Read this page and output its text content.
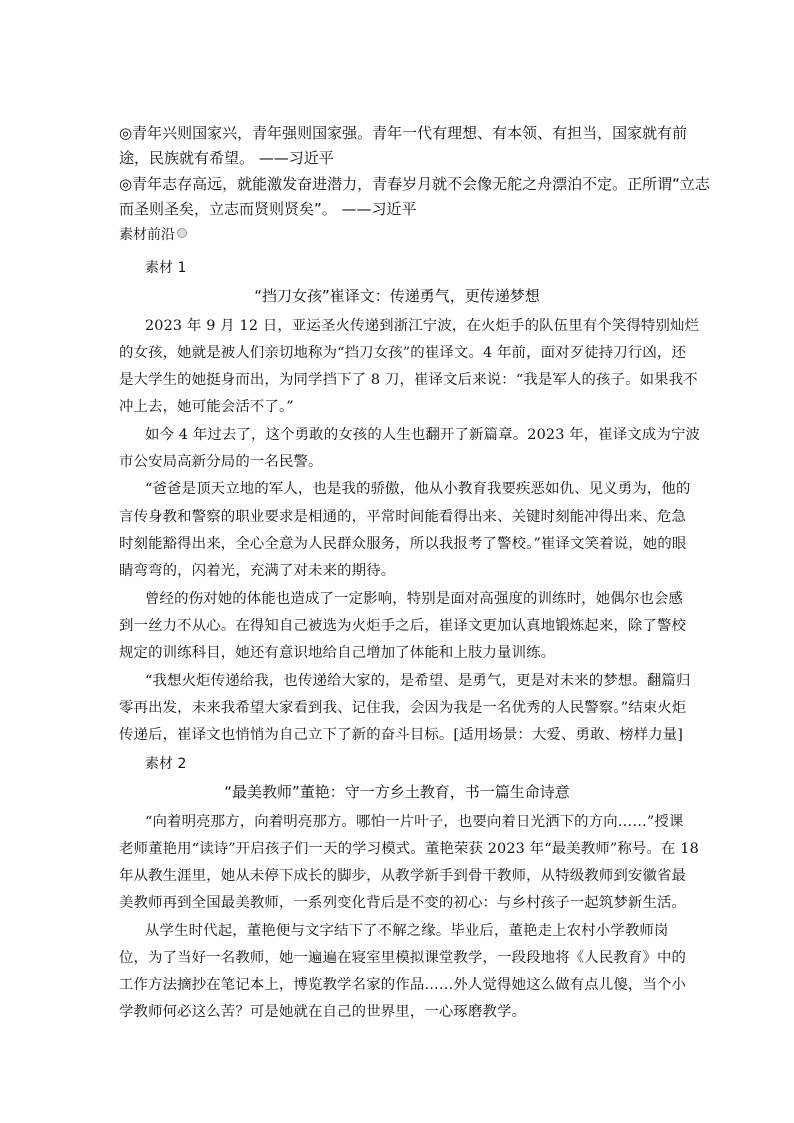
◎青年兴则国家兴，青年强则国家强。青年一代有理想、有本领、有担当，国家就有前
途，民族就有希望。 ——习近平
◎青年志存高远，就能激发奋进潜力，青春岁月就不会像无舵之舟漂泊不定。正所谓“立志
而圣则圣矣，立志而贤则贤矣”。 ——习近平
素材前沿
素材 1
“挡刀女孩”崔译文：传递勇气，更传递梦想
2023 年 9 月 12 日，亚运圣火传递到浙江宁波，在火炬手的队伍里有个笑得特别灿烂
的女孩，她就是被人们亲切地称为“挡刀女孩”的崔译文。4 年前，面对歹徒持刀行凶，还
是大学生的她挺身而出，为同学挡下了 8 刀，崔译文后来说：“我是军人的孩子。如果我不
冲上去，她可能会活不了。”
如今 4 年过去了，这个勇敢的女孩的人生也翻开了新篇章。2023 年，崔译文成为宁波
市公安局高新分局的一名民警。
“爸爸是顶天立地的军人，也是我的骄傲，他从小教育我要疾恶如仇、见义勇为，他的
言传身教和警察的职业要求是相通的，平常时间能看得出来、关键时刻能冲得出来、危急
时刻能豁得出来，全心全意为人民群众服务，所以我报考了警校。”崔译文笑着说，她的眼
睛弯弯的，闪着光，充满了对未来的期待。
曾经的伤对她的体能也造成了一定影响，特别是面对高强度的训练时，她偶尔也会感
到一丝力不从心。在得知自己被选为火炬手之后，崔译文更加认真地锻炼起来，除了警校
规定的训练科目，她还有意识地给自己增加了体能和上肢力量训练。
“我想火炬传递给我，也传递给大家的，是希望、是勇气，更是对未来的梦想。翻篇归
零再出发，未来我希望大家看到我、记住我，会因为我是一名优秀的人民警察。”结束火炬
传递后，崔译文也悄悄为自己立下了新的奋斗目标。[适用场景：大爱、勇敢、榜样力量]
素材 2
“最美教师”董艳：守一方乡土教育，书一篇生命诗意
“向着明亮那方，向着明亮那方。哪怕一片叶子，也要向着日光洒下的方向……”授课
老师董艳用“读诗”开启孩子们一天的学习模式。董艳荣获 2023 年“最美教师”称号。在 18
年从教生涯里，她从未停下成长的脚步，从教学新手到骨干教师，从特级教师到安徽省最
美教师再到全国最美教师，一系列变化背后是不变的初心：与乡村孩子一起筑梦新生活。
从学生时代起，董艳便与文字结下了不解之缘。毕业后，董艳走上农村小学教师岗
位，为了当好一名教师，她一遍遍在寝室里模拟课堂教学，一段段地将《人民教育》中的
工作方法摘抄在笔记本上，博览教学名家的作品……外人觉得她这么做有点儿傻，当个小
学教师何必这么苦？可是她就在自己的世界里，一心琢磨教学。
